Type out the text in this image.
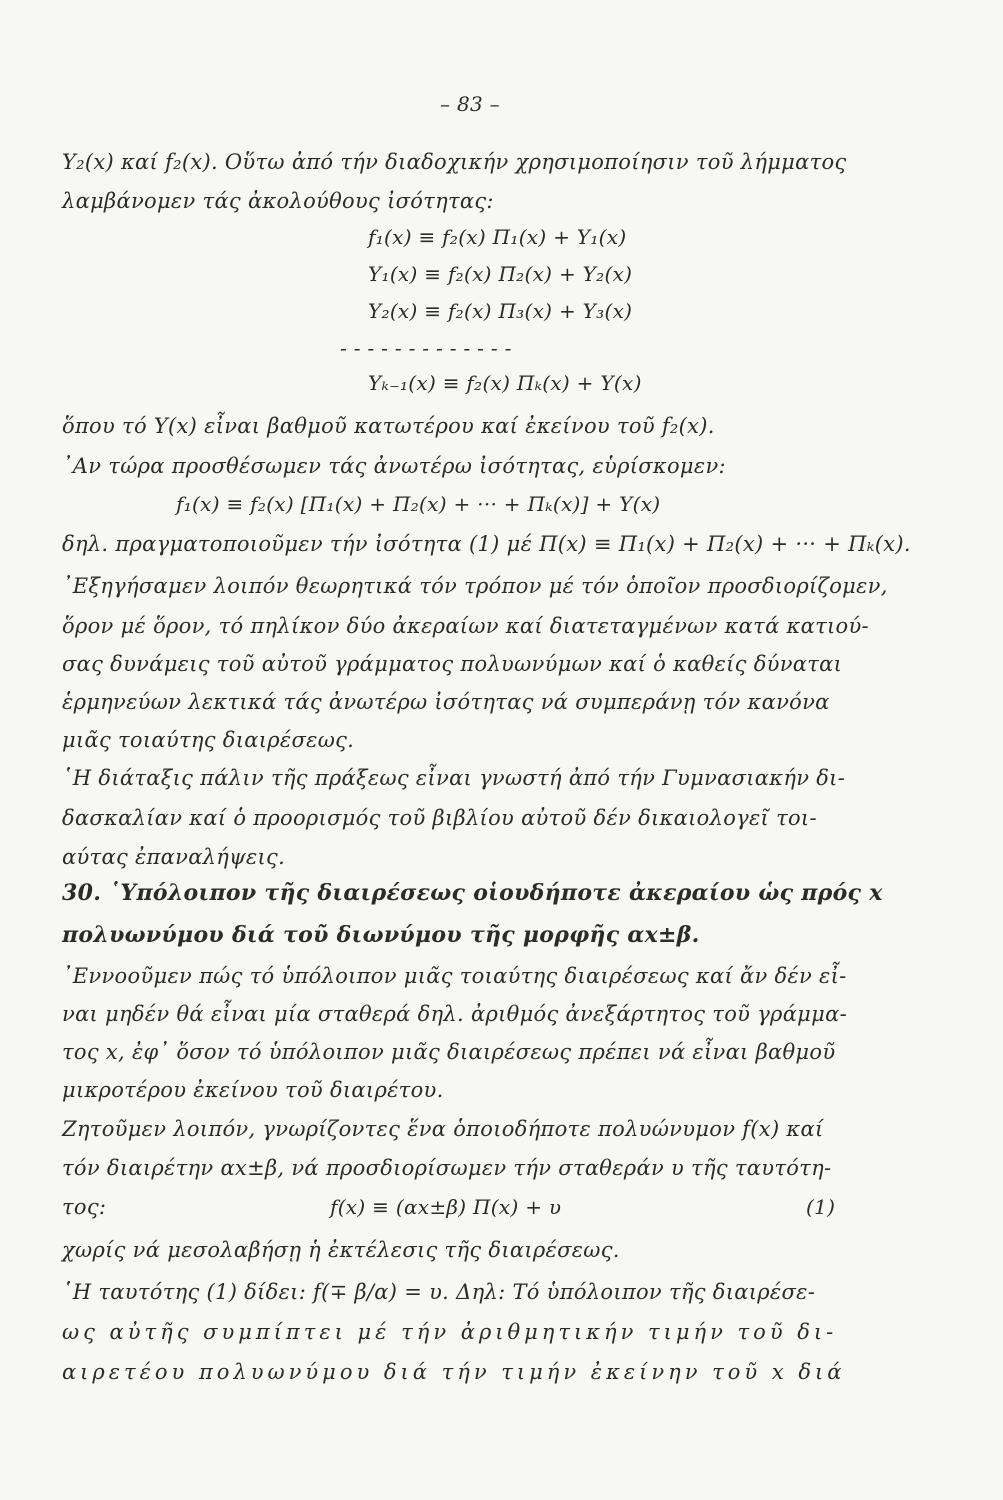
– 83 –
Υ₂(x) καί f₂(x). Οὕτω ἀπό τήν διαδοχικήν χρησιμοποίησιν τοῦ λήμματος
λαμβάνομεν τάς ἀκολούθους ἰσότητας:
f₁(x) ≡ f₂(x) Π₁(x) + Υ₁(x)
Υ₁(x) ≡ f₂(x) Π₂(x) + Υ₂(x)
Υ₂(x) ≡ f₂(x) Π₃(x) + Υ₃(x)
- - - - - - - - - - - - -
Υₖ₋₁(x) ≡ f₂(x) Πₖ(x) + Υ(x)
ὅπου τό Υ(x) εἶναι βαθμοῦ κατωτέρου καί ἐκείνου τοῦ f₂(x).
᾽Αν τώρα προσθέσωμεν τάς ἀνωτέρω ἰσότητας, εὑρίσκομεν:
f₁(x) ≡ f₂(x) [Π₁(x) + Π₂(x) + ··· + Πₖ(x)] + Υ(x)
δηλ. πραγματοποιοῦμεν τήν ἰσότητα (1) μέ Π(x) ≡ Π₁(x) + Π₂(x) + ··· + Πₖ(x).
᾽Εξηγήσαμεν λοιπόν θεωρητικά τόν τρόπον μέ τόν ὁποῖον προσδιορίζομεν,
ὅρον μέ ὅρον, τό πηλίκον δύο ἀκεραίων καί διατεταγμένων κατά κατιού-
σας δυνάμεις τοῦ αὐτοῦ γράμματος πολυωνύμων καί ὁ καθείς δύναται
ἑρμηνεύων λεκτικά τάς ἀνωτέρω ἰσότητας νά συμπεράνῃ τόν κανόνα
μιᾶς τοιαύτης διαιρέσεως.
῾Η διάταξις πάλιν τῆς πράξεως εἶναι γνωστή ἀπό τήν Γυμνασιακήν δι-
δασκαλίαν καί ὁ προορισμός τοῦ βιβλίου αὐτοῦ δέν δικαιολογεῖ τοι-
αύτας ἐπαναλήψεις.
30. ῾Υπόλοιπον τῆς διαιρέσεως οἱουδήποτε ἀκεραίου ὡς πρός x
πολυωνύμου διά τοῦ διωνύμου τῆς μορφῆς αx±β.
᾽Εννοοῦμεν πώς τό ὑπόλοιπον μιᾶς τοιαύτης διαιρέσεως καί ἄν δέν εἶ-
ναι μηδέν θά εἶναι μία σταθερά δηλ. ἀριθμός ἀνεξάρτητος τοῦ γράμμα-
τος x, ἐφ᾽ ὅσον τό ὑπόλοιπον μιᾶς διαιρέσεως πρέπει νά εἶναι βαθμοῦ
μικροτέρου ἐκείνου τοῦ διαιρέτου.
Ζητοῦμεν λοιπόν, γνωρίζοντες ἕνα ὁποιοδήποτε πολυώνυμον f(x) καί
τόν διαιρέτην αx±β, νά προσδιορίσωμεν τήν σταθεράν υ τῆς ταυτότη-
τος:	f(x) ≡ (αx±β) Π(x) + υ	(1)
χωρίς νά μεσολαβήσῃ ἡ ἐκτέλεσις τῆς διαιρέσεως.
῾Η ταυτότης (1) δίδει: f(∓ β/α) = υ. Δηλ: Τό ὑπόλοιπον τῆς διαιρέσε-
ως αὐτῆς συμπίπτει μέ τήν ἀριθμητικήν τιμήν τοῦ δι-
αιρετέου πολυωνύμου διά τήν τιμήν ἐκείνην τοῦ x διά
